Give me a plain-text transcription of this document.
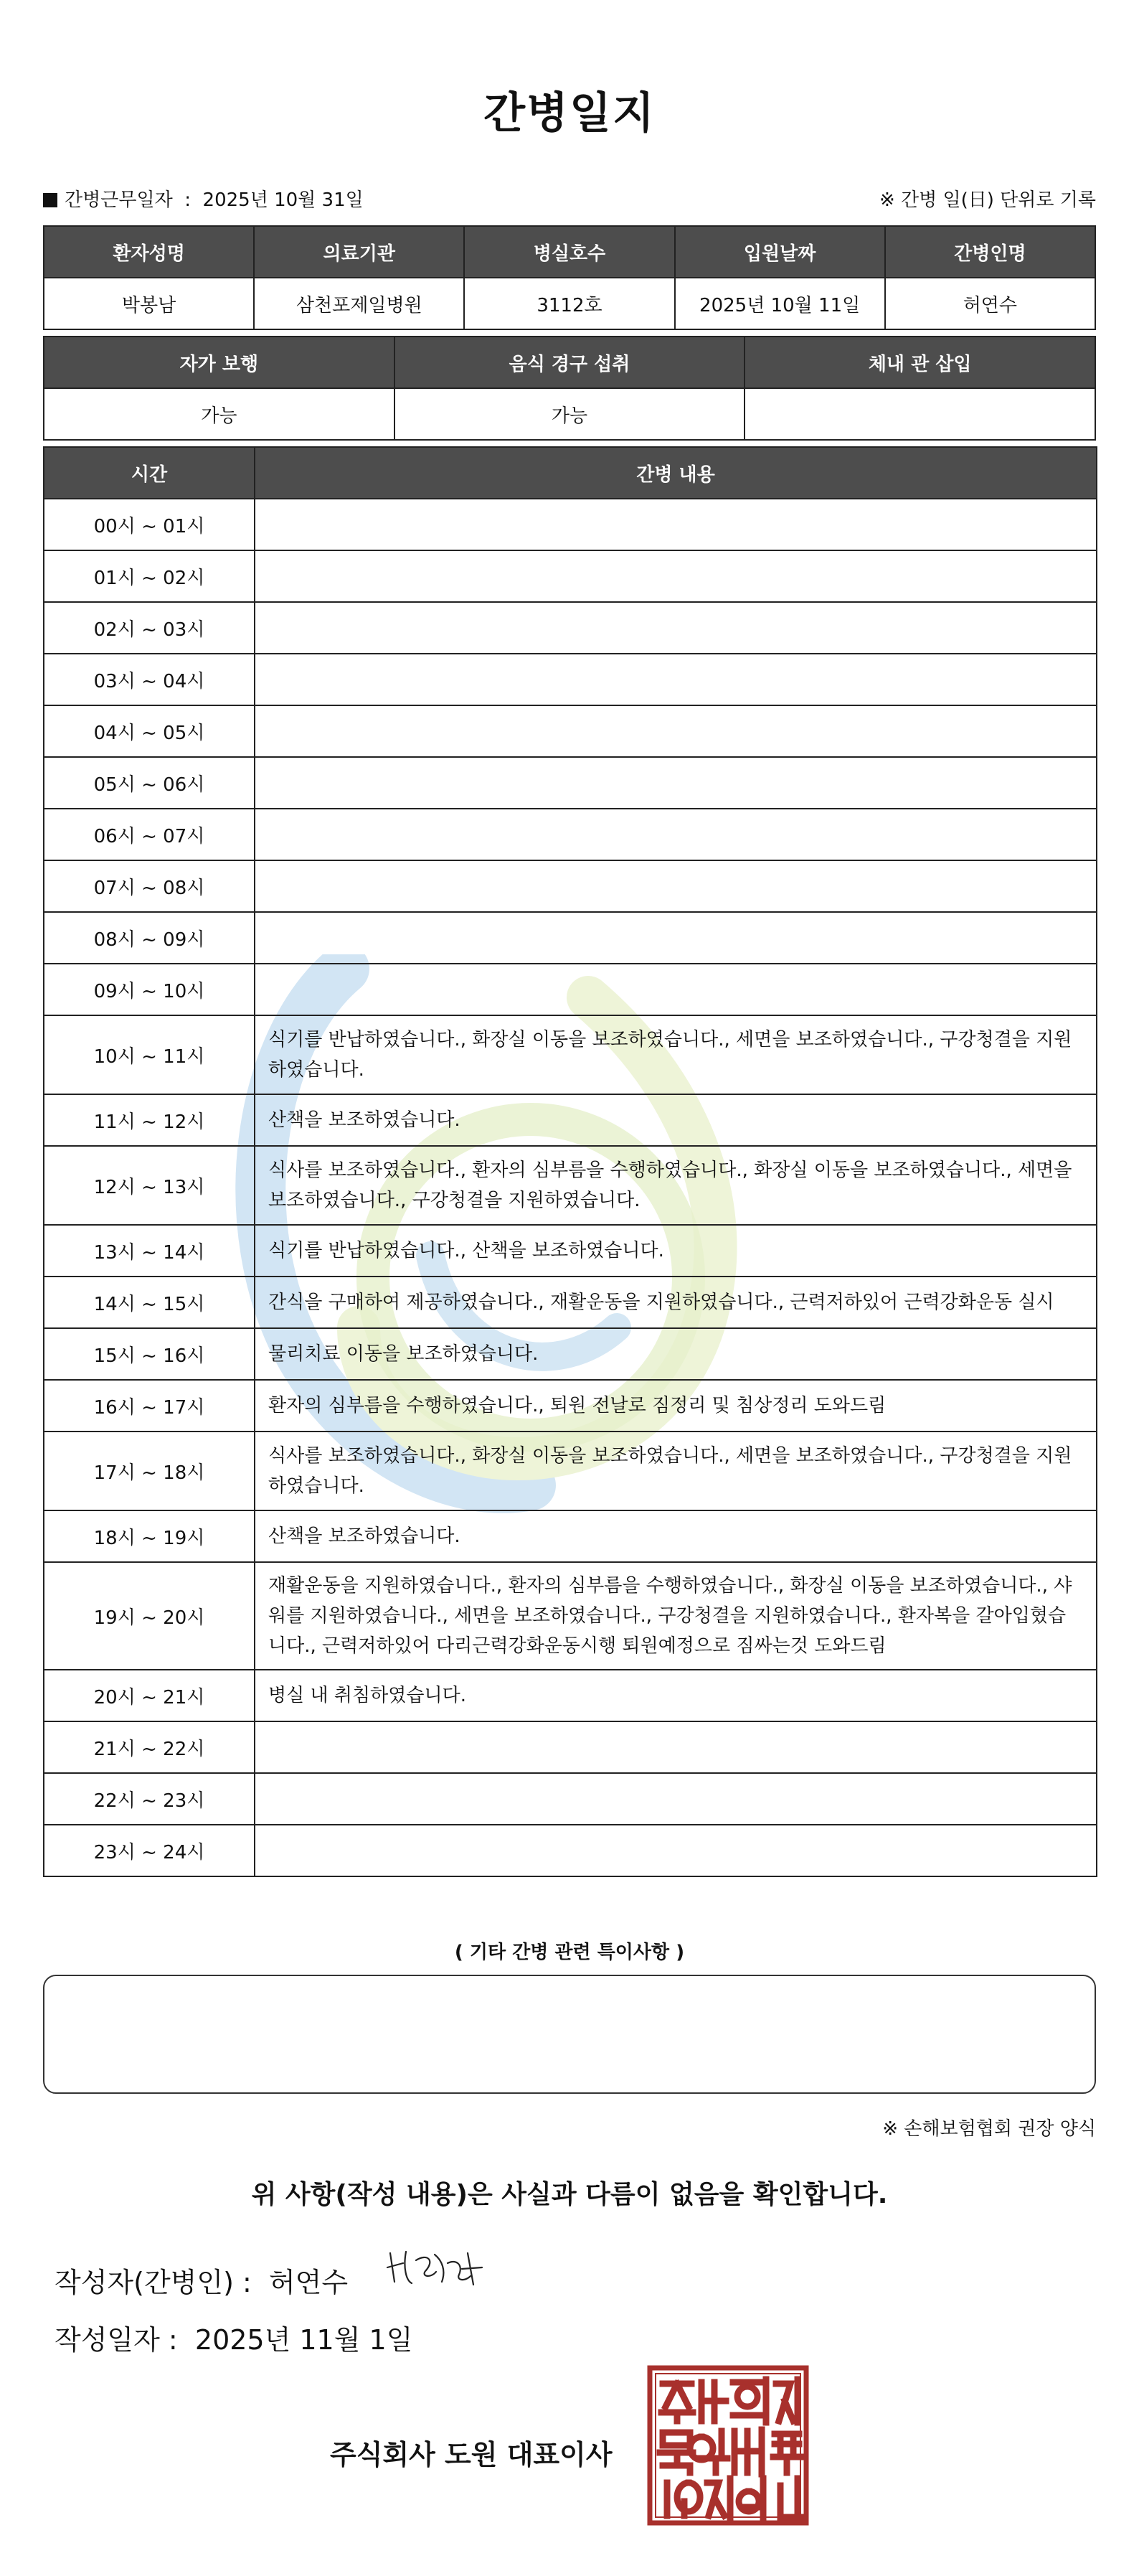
간병일지
간병근무일자  :  2025년 10월 31일	※ 간병 일(日) 단위로 기록
환자성명	의료기관	병실호수	입원날짜	간병인명
박봉남	삼천포제일병원	3112호	2025년 10월 11일	허연수
자가 보행	음식 경구 섭취	체내 관 삽입
가능	가능	
시간	간병 내용
00시 ~ 01시	
01시 ~ 02시	
02시 ~ 03시	
03시 ~ 04시	
04시 ~ 05시	
05시 ~ 06시	
06시 ~ 07시	
07시 ~ 08시	
08시 ~ 09시	
09시 ~ 10시	
10시 ~ 11시	식기를 반납하였습니다., 화장실 이동을 보조하였습니다., 세면을 보조하였습니다., 구강청결을 지원하였습니다.
11시 ~ 12시	산책을 보조하였습니다.
12시 ~ 13시	식사를 보조하였습니다., 환자의 심부름을 수행하였습니다., 화장실 이동을 보조하였습니다., 세면을 보조하였습니다., 구강청결을 지원하였습니다.
13시 ~ 14시	식기를 반납하였습니다., 산책을 보조하였습니다.
14시 ~ 15시	간식을 구매하여 제공하였습니다., 재활운동을 지원하였습니다., 근력저하있어 근력강화운동 실시
15시 ~ 16시	물리치료 이동을 보조하였습니다.
16시 ~ 17시	환자의 심부름을 수행하였습니다., 퇴원 전날로 짐정리 및 침상정리 도와드림
17시 ~ 18시	식사를 보조하였습니다., 화장실 이동을 보조하였습니다., 세면을 보조하였습니다., 구강청결을 지원하였습니다.
18시 ~ 19시	산책을 보조하였습니다.
19시 ~ 20시	재활운동을 지원하였습니다., 환자의 심부름을 수행하였습니다., 화장실 이동을 보조하였습니다., 샤워를 지원하였습니다., 세면을 보조하였습니다., 구강청결을 지원하였습니다., 환자복을 갈아입혔습니다., 근력저하있어 다리근력강화운동시행 퇴원예정으로 짐싸는것 도와드림
20시 ~ 21시	병실 내 취침하였습니다.
21시 ~ 22시	
22시 ~ 23시	
23시 ~ 24시	
( 기타 간병 관련 특이사항 )
※ 손해보험협회 권장 양식
위 사항(작성 내용)은 사실과 다름이 없음을 확인합니다.
작성자(간병인) : 허연수
작성일자 : 2025년 11월 1일
주식회사 도원 대표이사
